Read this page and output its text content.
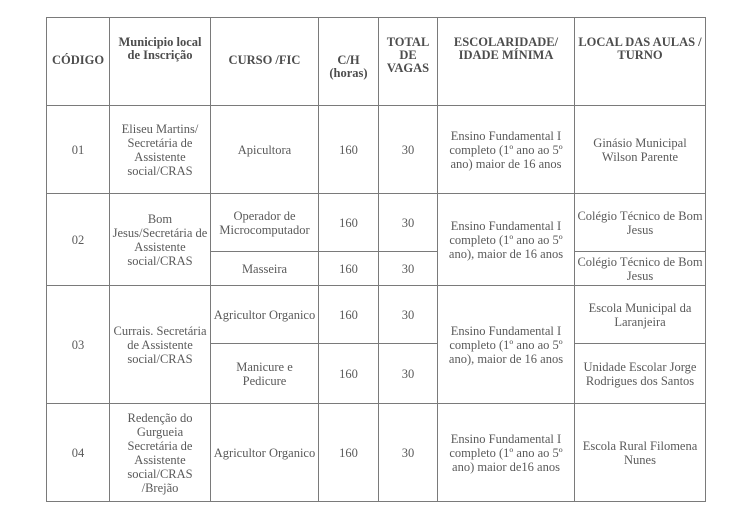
CÓDIGO	Municipio local de Inscrição	CURSO /FIC	C/H (horas)	TOTAL DE VAGAS	ESCOLARIDADE/ IDADE MÍNIMA	LOCAL DAS AULAS / TURNO
01	Eliseu Martins/ Secretária de Assistente social/CRAS	Apicultora	160	30	Ensino Fundamental I completo (1º ano ao 5º ano) maior de 16 anos	Ginásio Municipal Wilson Parente
02	Bom Jesus/Secretária de Assistente social/CRAS	Operador de Microcomputador	160	30	Ensino Fundamental I completo (1º ano ao 5º ano), maior de 16 anos	Colégio Técnico de Bom Jesus
		Masseira	160	30		Colégio Técnico de Bom Jesus
03	Currais. Secretária de Assistente social/CRAS	Agricultor Organico	160	30	Ensino Fundamental I completo (1º ano ao 5º ano), maior de 16 anos	Escola Municipal da Laranjeira
		Manicure e Pedicure	160	30		Unidade Escolar Jorge Rodrigues dos Santos
04	Redenção do Gurgueia Secretária de Assistente social/CRAS /Brejão	Agricultor Organico	160	30	Ensino Fundamental I completo (1º ano ao 5º ano) maior de16 anos	Escola Rural Filomena Nunes
